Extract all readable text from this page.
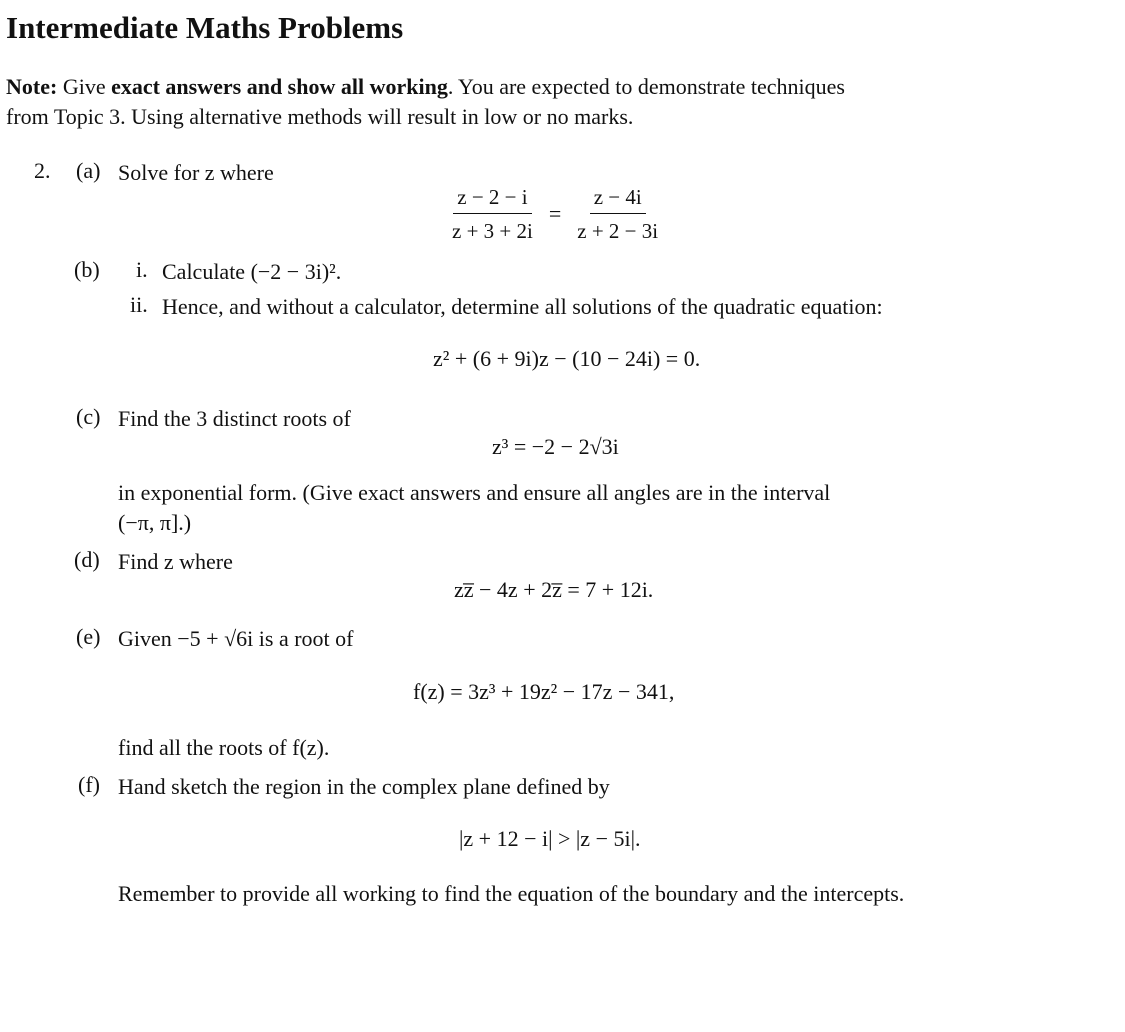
Intermediate Maths Problems
Note: Give exact answers and show all working. You are expected to demonstrate techniques
from Topic 3. Using alternative methods will result in low or no marks.
2. (a) Solve for z where
$\frac{z - 2 - i}{z + 3 + 2i} = \frac{z - 4i}{z + 2 - 3i}$
(b) i. Calculate (−2 − 3i)².
ii. Hence, and without a calculator, determine all solutions of the quadratic equation:
z² + (6 + 9i)z − (10 − 24i) = 0.
(c) Find the 3 distinct roots of
z³ = −2 − 2√3i
in exponential form. (Give exact answers and ensure all angles are in the interval
(−π, π].)
(d) Find z where
zz̅ − 4z + 2z̅ = 7 + 12i.
(e) Given −5 + √6i is a root of
f(z) = 3z³ + 19z² − 17z − 341,
find all the roots of f(z).
(f) Hand sketch the region in the complex plane defined by
|z + 12 − i| > |z − 5i|.
Remember to provide all working to find the equation of the boundary and the intercepts.
